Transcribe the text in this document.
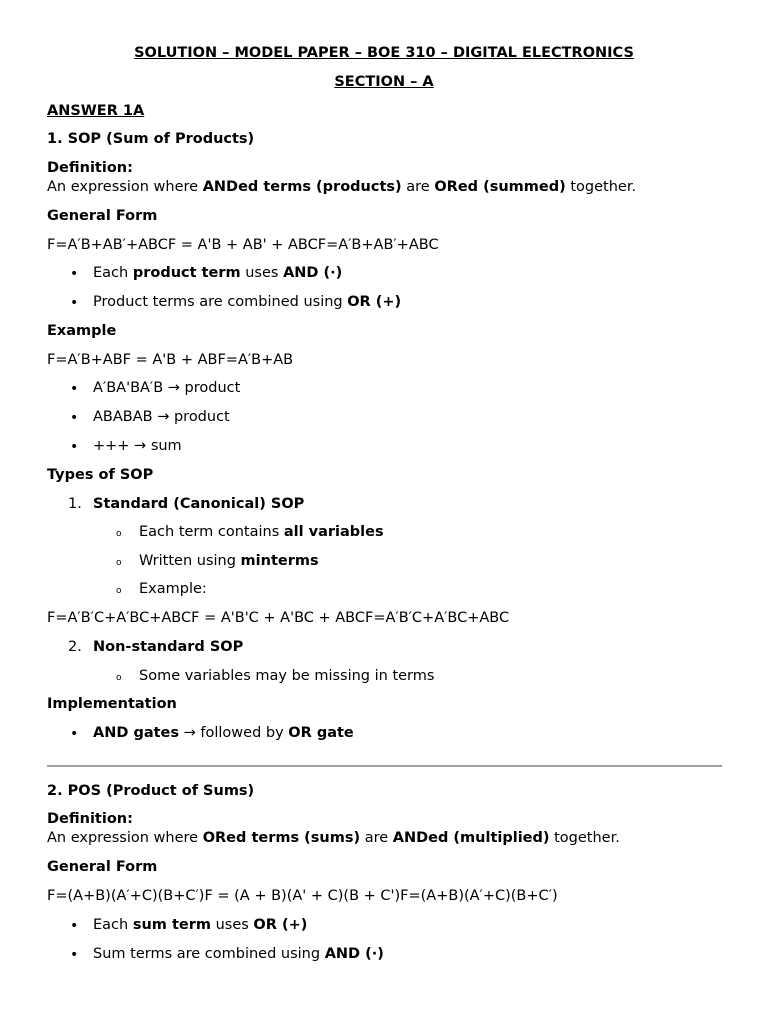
SOLUTION – MODEL PAPER – BOE 310 – DIGITAL ELECTRONICS
SECTION – A
ANSWER 1A
1. SOP (Sum of Products)
Definition:
An expression where ANDed terms (products) are ORed (summed) together.
General Form
F=A′B+AB′+ABCF = A'B + AB' + ABCF=A′B+AB′+ABC
• Each product term uses AND (·)
• Product terms are combined using OR (+)
Example
F=A′B+ABF = A'B + ABF=A′B+AB
• A′BA'BA′B → product
• ABABAB → product
• +++ → sum
Types of SOP
1. Standard (Canonical) SOP
o Each term contains all variables
o Written using minterms
o Example:
F=A′B′C+A′BC+ABCF = A'B'C + A'BC + ABCF=A′B′C+A′BC+ABC
2. Non-standard SOP
o Some variables may be missing in terms
Implementation
• AND gates → followed by OR gate
2. POS (Product of Sums)
Definition:
An expression where ORed terms (sums) are ANDed (multiplied) together.
General Form
F=(A+B)(A′+C)(B+C′)F = (A + B)(A' + C)(B + C')F=(A+B)(A′+C)(B+C′)
• Each sum term uses OR (+)
• Sum terms are combined using AND (·)
